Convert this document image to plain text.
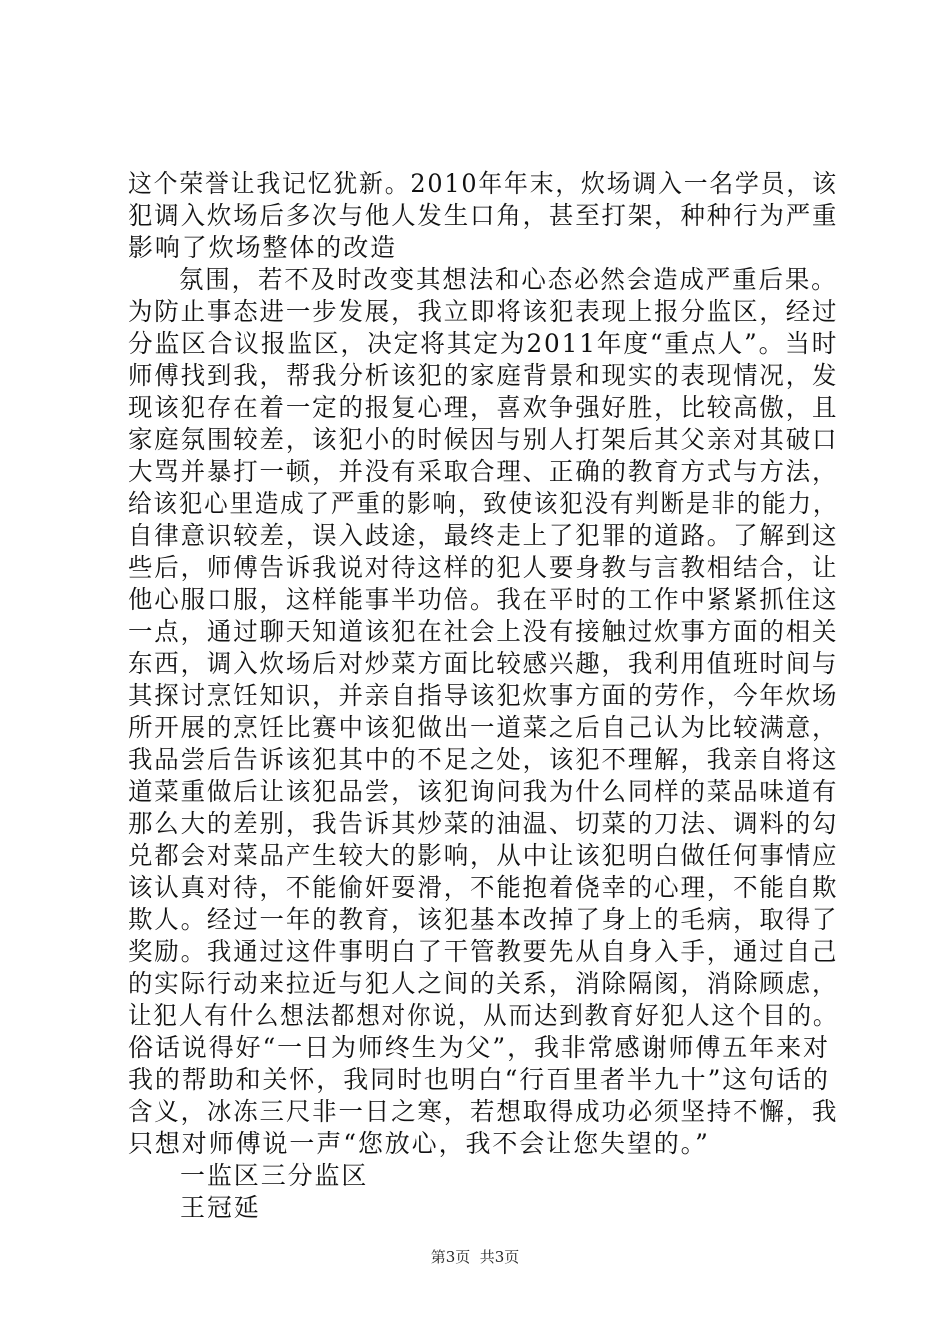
这个荣誉让我记忆犹新。2010年年末，炊场调入一名学员，该
犯调入炊场后多次与他人发生口角，甚至打架，种种行为严重
影响了炊场整体的改造
氛围，若不及时改变其想法和心态必然会造成严重后果。
为防止事态进一步发展，我立即将该犯表现上报分监区，经过
分监区合议报监区，决定将其定为2011年度“重点人”。当时
师傅找到我，帮我分析该犯的家庭背景和现实的表现情况，发
现该犯存在着一定的报复心理，喜欢争强好胜，比较高傲，且
家庭氛围较差，该犯小的时候因与别人打架后其父亲对其破口
大骂并暴打一顿，并没有采取合理、正确的教育方式与方法，
给该犯心里造成了严重的影响，致使该犯没有判断是非的能力，
自律意识较差，误入歧途，最终走上了犯罪的道路。了解到这
些后，师傅告诉我说对待这样的犯人要身教与言教相结合，让
他心服口服，这样能事半功倍。我在平时的工作中紧紧抓住这
一点，通过聊天知道该犯在社会上没有接触过炊事方面的相关
东西，调入炊场后对炒菜方面比较感兴趣，我利用值班时间与
其探讨烹饪知识，并亲自指导该犯炊事方面的劳作，今年炊场
所开展的烹饪比赛中该犯做出一道菜之后自己认为比较满意，
我品尝后告诉该犯其中的不足之处，该犯不理解，我亲自将这
道菜重做后让该犯品尝，该犯询问我为什么同样的菜品味道有
那么大的差别，我告诉其炒菜的油温、切菜的刀法、调料的勾
兑都会对菜品产生较大的影响，从中让该犯明白做任何事情应
该认真对待，不能偷奸耍滑，不能抱着侥幸的心理，不能自欺
欺人。经过一年的教育，该犯基本改掉了身上的毛病，取得了
奖励。我通过这件事明白了干管教要先从自身入手，通过自己
的实际行动来拉近与犯人之间的关系，消除隔阂，消除顾虑，
让犯人有什么想法都想对你说，从而达到教育好犯人这个目的。
俗话说得好“一日为师终生为父”，我非常感谢师傅五年来对
我的帮助和关怀，我同时也明白“行百里者半九十”这句话的
含义，冰冻三尺非一日之寒，若想取得成功必须坚持不懈，我
只想对师傅说一声“您放心，我不会让您失望的。”
一监区三分监区
王冠延
第3页  共3页
